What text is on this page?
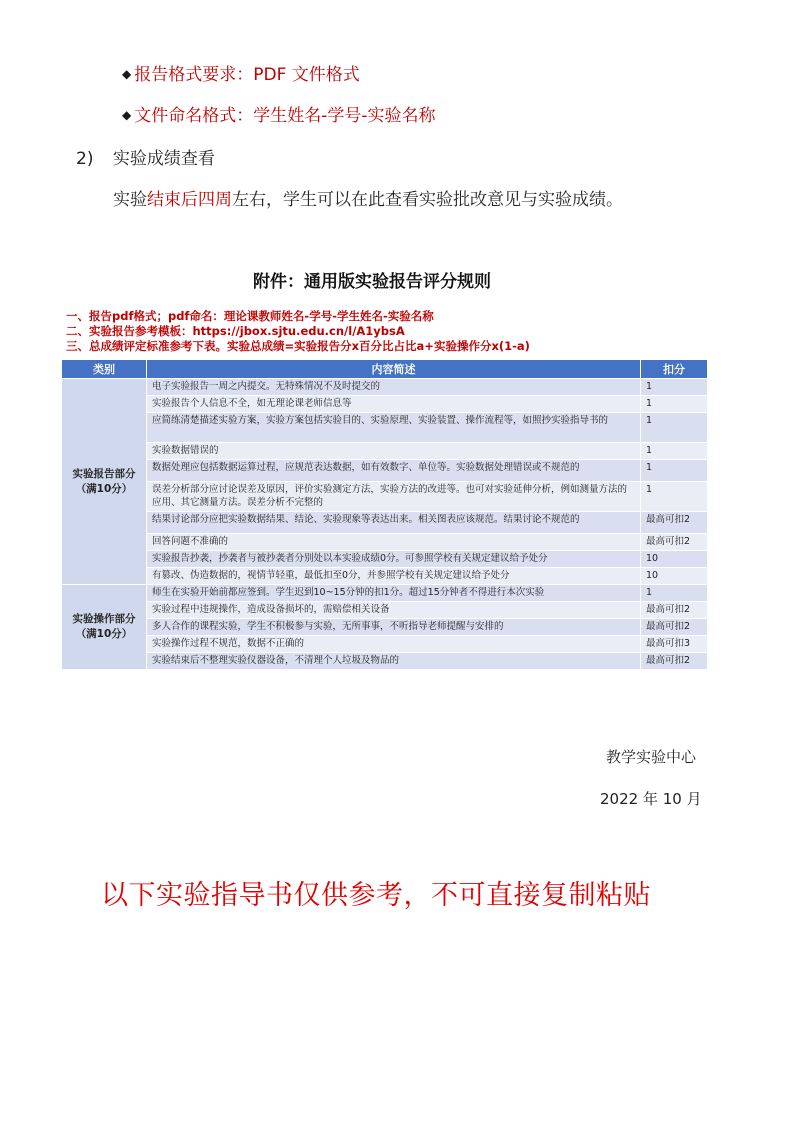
◆ 报告格式要求：PDF 文件格式
◆ 文件命名格式：学生姓名-学号-实验名称
2) 实验成绩查看
实验结束后四周左右，学生可以在此查看实验批改意见与实验成绩。
附件：通用版实验报告评分规则
一、报告pdf格式；pdf命名：理论课教师姓名-学号-学生姓名-实验名称
二、实验报告参考模板：https://jbox.sjtu.edu.cn/l/A1ybsA
三、总成绩评定标准参考下表。实验总成绩=实验报告分x百分比占比a+实验操作分x(1-a)
类别	内容简述	扣分
实验报告部分
（满10分）	电子实验报告一周之内提交。无特殊情况不及时提交的	1
	实验报告个人信息不全，如无理论课老师信息等	1
	应简练清楚描述实验方案，实验方案包括实验目的、实验原理、实验装置、操作流程等，如照抄实验指导书的	1
	实验数据错误的	1
	数据处理应包括数据运算过程，应规范表达数据，如有效数字、单位等。实验数据处理错误或不规范的	1
	误差分析部分应讨论误差及原因，评价实验测定方法，实验方法的改进等。也可对实验延伸分析，例如测量方法的应用、其它测量方法。误差分析不完整的	1
	结果讨论部分应把实验数据结果、结论、实验现象等表达出来。相关图表应该规范。结果讨论不规范的	最高可扣2
	回答问题不准确的	最高可扣2
	实验报告抄袭，抄袭者与被抄袭者分别处以本实验成绩0分。可参照学校有关规定建议给予处分	10
	有篡改、伪造数据的，视情节轻重，最低扣至0分，并参照学校有关规定建议给予处分	10
实验操作部分
（满10分）	师生在实验开始前都应签到。学生迟到10~15分钟的扣1分。超过15分钟者不得进行本次实验	1
	实验过程中违规操作，造成设备损坏的，需赔偿相关设备	最高可扣2
	多人合作的课程实验，学生不积极参与实验，无所事事，不听指导老师提醒与安排的	最高可扣2
	实验操作过程不规范，数据不正确的	最高可扣3
	实验结束后不整理实验仪器设备，不清理个人垃圾及物品的	最高可扣2
教学实验中心
2022 年 10 月
以下实验指导书仅供参考，不可直接复制粘贴
